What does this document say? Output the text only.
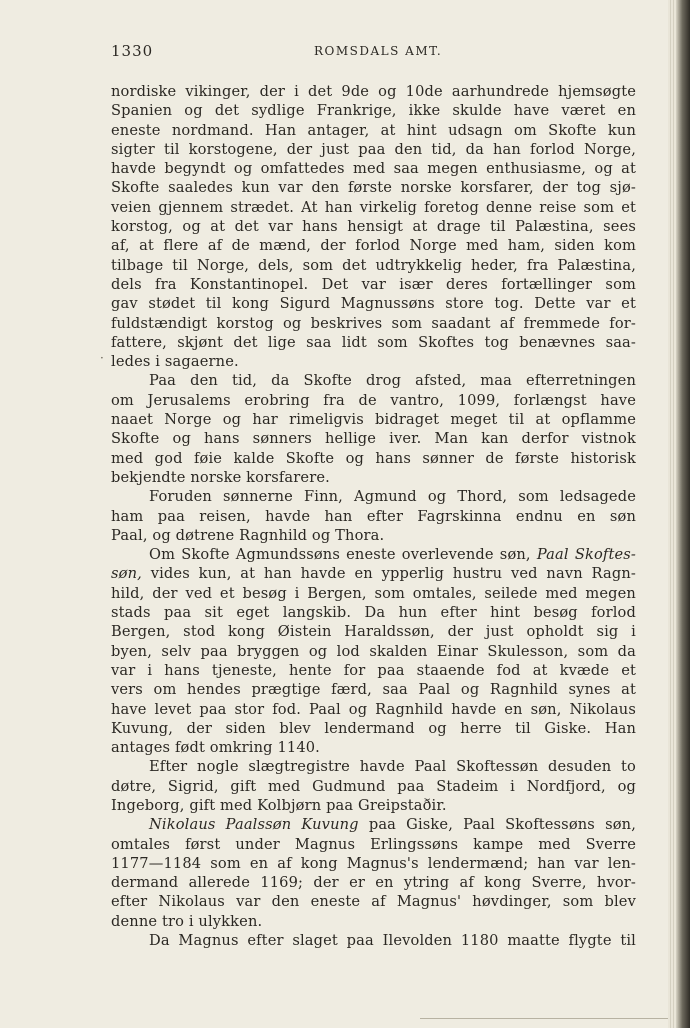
1330	ROMSDALS AMT.
·
nordiske vikinger, der i det 9de og 10de aarhundrede hjemsøgte
Spanien og det sydlige Frankrige, ikke skulde have været en
eneste nordmand. Han antager, at hint udsagn om Skofte kun
sigter til korstogene, der just paa den tid, da han forlod Norge,
havde begyndt og omfattedes med saa megen enthusiasme, og at
Skofte saaledes kun var den første norske korsfarer, der tog sjø-
veien gjennem strædet. At han virkelig foretog denne reise som et
korstog, og at det var hans hensigt at drage til Palæstina, sees
af, at flere af de mænd, der forlod Norge med ham, siden kom
tilbage til Norge, dels, som det udtrykkelig heder, fra Palæstina,
dels fra Konstantinopel. Det var især deres fortællinger som
gav stødet til kong Sigurd Magnussøns store tog. Dette var et
fuldstændigt korstog og beskrives som saadant af fremmede for-
fattere, skjønt det lige saa lidt som Skoftes tog benævnes saa-
ledes i sagaerne.
Paa den tid, da Skofte drog afsted, maa efterretningen
om Jerusalems erobring fra de vantro, 1099, forlængst have
naaet Norge og har rimeligvis bidraget meget til at opflamme
Skofte og hans sønners hellige iver. Man kan derfor vistnok
med god føie kalde Skofte og hans sønner de første historisk
bekjendte norske korsfarere.
Foruden sønnerne Finn, Agmund og Thord, som ledsagede
ham paa reisen, havde han efter Fagrskinna endnu en søn
Paal, og døtrene Ragnhild og Thora.
Om Skofte Agmundssøns eneste overlevende søn, Paal Skoftes-
søn, vides kun, at han havde en ypperlig hustru ved navn Ragn-
hild, der ved et besøg i Bergen, som omtales, seilede med megen
stads paa sit eget langskib. Da hun efter hint besøg forlod
Bergen, stod kong Øistein Haraldssøn, der just opholdt sig i
byen, selv paa bryggen og lod skalden Einar Skulesson, som da
var i hans tjeneste, hente for paa staaende fod at kvæde et
vers om hendes prægtige færd, saa Paal og Ragnhild synes at
have levet paa stor fod. Paal og Ragnhild havde en søn, Nikolaus
Kuvung, der siden blev lendermand og herre til Giske. Han
antages født omkring 1140.
Efter nogle slægtregistre havde Paal Skoftessøn desuden to
døtre, Sigrid, gift med Gudmund paa Stadeim i Nordfjord, og
Ingeborg, gift med Kolbjørn paa Greipstaðir.
Nikolaus Paalssøn Kuvung paa Giske, Paal Skoftessøns søn,
omtales først under Magnus Erlingssøns kampe med Sverre
1177—1184 som en af kong Magnus's lendermænd; han var len-
dermand allerede 1169; der er en ytring af kong Sverre, hvor-
efter Nikolaus var den eneste af Magnus' høvdinger, som blev
denne tro i ulykken.
Da Magnus efter slaget paa Ilevolden 1180 maatte flygte til
